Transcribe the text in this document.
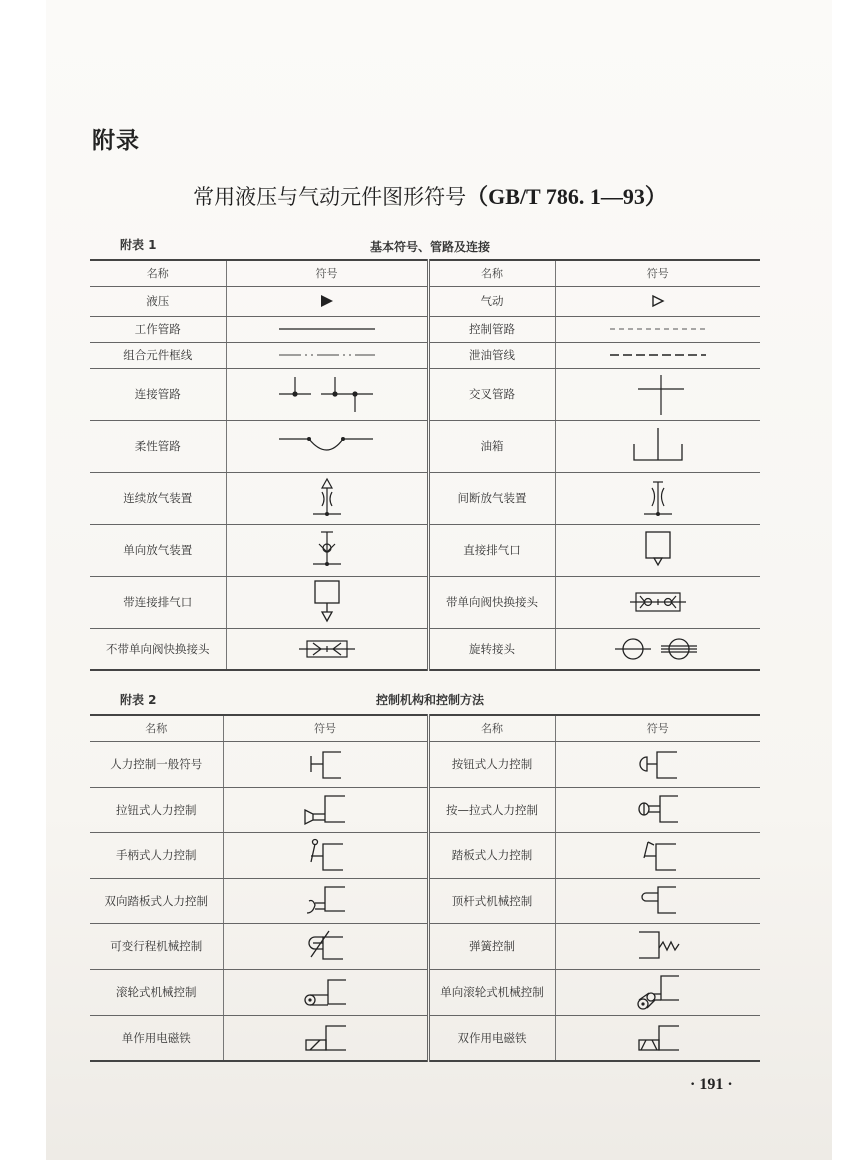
附录
常用液压与气动元件图形符号（GB/T 786. 1—93）
附表 1	基本符号、管路及连接
名称	符号	名称	符号
液压		气动	

工作管路		控制管路	

组合元件框线		泄油管线	

连接管路		交叉管路	

柔性管路		油箱	

连续放气装置		间断放气装置	

单向放气装置		直接排气口	

带连接排气口		带单向阀快换接头	

不带单向阀快换接头		旋转接头	
附表 2	控制机构和控制方法
名称	符号	名称	符号
人力控制一般符号		按钮式人力控制	

拉钮式人力控制		按—拉式人力控制	

手柄式人力控制		踏板式人力控制	

双向踏板式人力控制		顶杆式机械控制	

可变行程机械控制		弹簧控制	

滚轮式机械控制		单向滚轮式机械控制	

单作用电磁铁		双作用电磁铁	
· 191 ·
